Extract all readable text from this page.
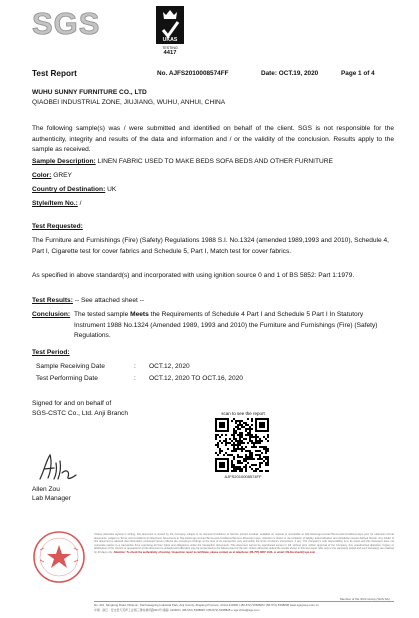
SGS	UKAS
TESTING
4417
Test Report	No. AJFS2010008574FF	Date: OCT.19, 2020	Page 1 of 4
WUHU SUNNY FURNITURE CO., LTD
QIAOBEI INDUSTRIAL ZONE, JIUJIANG, WUHU, ANHUI, CHINA
The following sample(s) was / were submitted and identified on behalf of the client. SGS is not responsible for the authenticity, integrity and results of the data and information and / or the validity of the conclusion. Results apply to the sample as received.
Sample Description: LINEN FABRIC USED TO MAKE BEDS SOFA BEDS AND OTHER FURNITURE
Color: GREY
Country of Destination: UK
Style/Item No.: /
Test Requested:
The Furniture and Furnishings (Fire) (Safety) Regulations 1988 S.I. No.1324 (amended 1989,1993 and 2010), Schedule 4, Part I, Cigarette test for cover fabrics and Schedule 5, Part I, Match test for cover fabrics.
As specified in above standard(s) and incorporated with using ignition source 0 and 1 of BS 5852: Part 1:1979.
Test Results: -- See attached sheet --
Conclusion: The tested sample Meets the Requirements of Schedule 4 Part I and Schedule 5 Part I In Statutory Instrument 1988 No.1324 (Amended 1989, 1993 and 2010) the Furniture and Furnishings (Fire) (Safety) Regulations.
Test Period:
Sample Receiving Date	: OCT.12, 2020
Test Performing Date	: OCT.12, 2020 TO OCT.16, 2020
Signed for and on behalf of
SGS-CSTC Co., Ltd. Anji Branch
Allen Zou
Lab Manager
scan to see the report
AJFS2010008574FF
Unless otherwise agreed in writing, this document is issued by the Company subject to its General Conditions of Service printed overleaf, available on request or accessible at http://www.sgs.com/en/Terms-and-Conditions.aspx and, for electronic format documents, subject to Terms and Conditions for Electronic Documents at http://www.sgs.com/en/Terms-and-Conditions/Terms-e-Document.aspx. Attention is drawn to the limitation of liability, indemnification and jurisdiction issues defined therein. Any holder of this document is advised that information contained hereon reflects the Company's findings at the time of its intervention only and within the limits of Client's instructions, if any. The Company's sole responsibility is to its Client and this document does not exonerate parties to a transaction from exercising all their rights and obligations under the transaction documents. This document cannot be reproduced except in full, without prior written approval of the Company. Any unauthorized alteration, forgery or falsification of the content or appearance of this document is unlawful and offenders may be prosecuted to the fullest extent of the law. Unless otherwise stated the results shown in this test report refer only to the sample(s) tested and such sample(s) are retained for 30 days only. Attention: To check the authenticity of testing / inspection report & certificate, please contact us at telephone: (86-755) 8307 1443, or email: CN.Doccheck@sgs.com
Member of the SGS Group (SGS SA)
No. 301, Sangfeng Road, Dibacun, Tianhuangping Industrial Park, Anji County, Zhejiang Province, China 313300 t (86-572) 5338825 f (86-572) 5338828 www.sgsgroup.com.cn
中国 · 浙江 · 安吉县天荒坪工业园三堡村桑风路301号 邮编: 313300 t (86-572) 5338825 f (86-572) 5338828 e sgs.china@sgs.com
